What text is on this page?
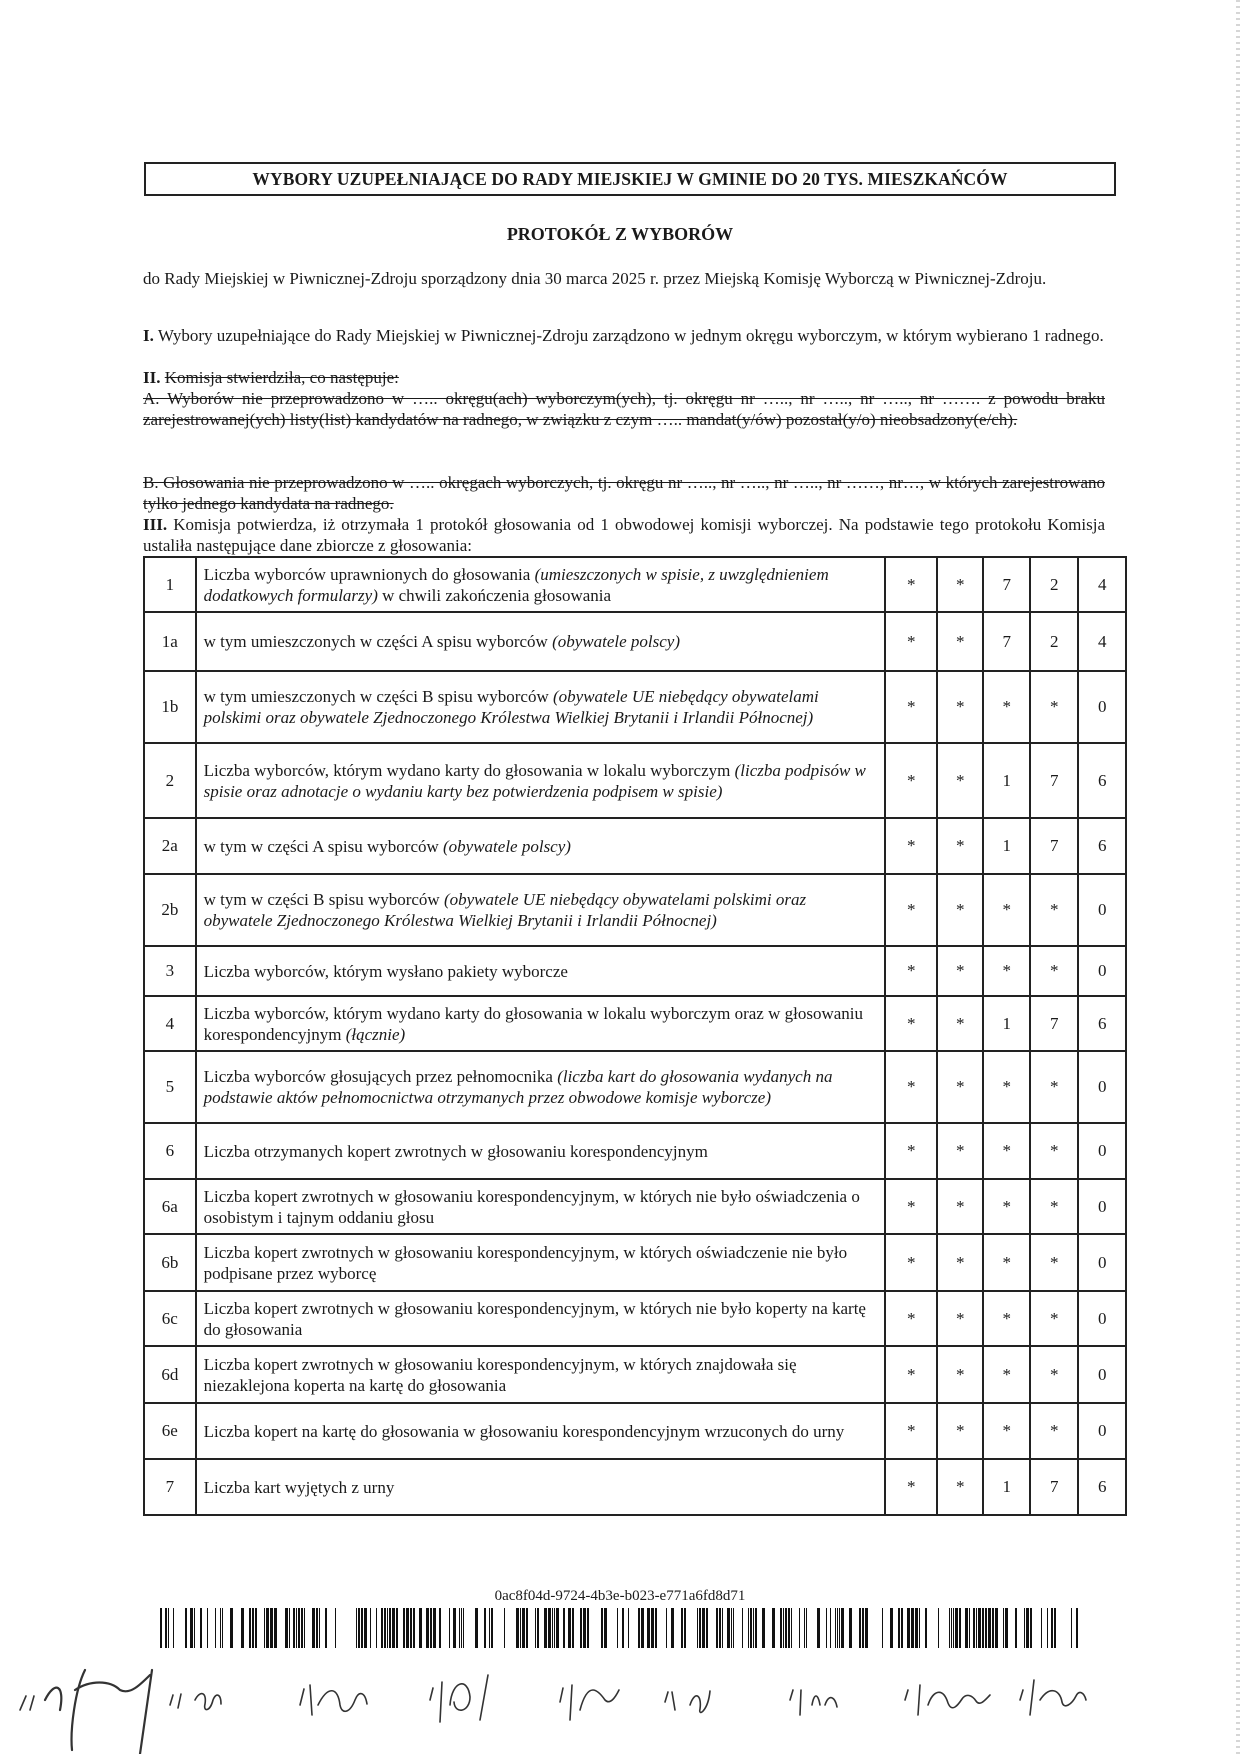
WYBORY UZUPEŁNIAJĄCE DO RADY MIEJSKIEJ W GMINIE DO 20 TYS. MIESZKAŃCÓW
PROTOKÓŁ Z WYBORÓW
do Rady Miejskiej w Piwnicznej-Zdroju sporządzony dnia 30 marca 2025 r. przez Miejską Komisję Wyborczą w Piwnicznej-Zdroju.
I. Wybory uzupełniające do Rady Miejskiej w Piwnicznej-Zdroju zarządzono w jednym okręgu wyborczym, w którym wybierano 1 radnego.
II. Komisja stwierdziła, co następuje:
A. Wyborów nie przeprowadzono w ….. okręgu(ach) wyborczym(ych), tj. okręgu nr ….., nr ….., nr ….., nr ……. z powodu braku zarejestrowanej(ych) listy(list) kandydatów na radnego, w związku z czym ….. mandat(y/ów) pozostał(y/o) nieobsadzony(e/ch).
B. Głosowania nie przeprowadzono w ….. okręgach wyborczych, tj. okręgu nr ….., nr ….., nr ….., nr ……, nr…, w których zarejestrowano tylko jednego kandydata na radnego.
III. Komisja potwierdza, iż otrzymała 1 protokół głosowania od 1 obwodowej komisji wyborczej. Na podstawie tego protokołu Komisja ustaliła następujące dane zbiorcze z głosowania:
1	Liczba wyborców uprawnionych do głosowania (umieszczonych w spisie, z uwzględnieniem dodatkowych formularzy) w chwili zakończenia głosowania	*	*	7	2	4
1a	w tym umieszczonych w części A spisu wyborców (obywatele polscy)	*	*	7	2	4
1b	w tym umieszczonych w części B spisu wyborców (obywatele UE niebędący obywatelami polskimi oraz obywatele Zjednoczonego Królestwa Wielkiej Brytanii i Irlandii Północnej)	*	*	*	*	0
2	Liczba wyborców, którym wydano karty do głosowania w lokalu wyborczym (liczba podpisów w spisie oraz adnotacje o wydaniu karty bez potwierdzenia podpisem w spisie)	*	*	1	7	6
2a	w tym w części A spisu wyborców (obywatele polscy)	*	*	1	7	6
2b	w tym w części B spisu wyborców (obywatele UE niebędący obywatelami polskimi oraz obywatele Zjednoczonego Królestwa Wielkiej Brytanii i Irlandii Północnej)	*	*	*	*	0
3	Liczba wyborców, którym wysłano pakiety wyborcze	*	*	*	*	0
4	Liczba wyborców, którym wydano karty do głosowania w lokalu wyborczym oraz w głosowaniu korespondencyjnym (łącznie)	*	*	1	7	6
5	Liczba wyborców głosujących przez pełnomocnika (liczba kart do głosowania wydanych na podstawie aktów pełnomocnictwa otrzymanych przez obwodowe komisje wyborcze)	*	*	*	*	0
6	Liczba otrzymanych kopert zwrotnych w głosowaniu korespondencyjnym	*	*	*	*	0
6a	Liczba kopert zwrotnych w głosowaniu korespondencyjnym, w których nie było oświadczenia o osobistym i tajnym oddaniu głosu	*	*	*	*	0
6b	Liczba kopert zwrotnych w głosowaniu korespondencyjnym, w których oświadczenie nie było podpisane przez wyborcę	*	*	*	*	0
6c	Liczba kopert zwrotnych w głosowaniu korespondencyjnym, w których nie było koperty na kartę do głosowania	*	*	*	*	0
6d	Liczba kopert zwrotnych w głosowaniu korespondencyjnym, w których znajdowała się niezaklejona koperta na kartę do głosowania	*	*	*	*	0
6e	Liczba kopert na kartę do głosowania w głosowaniu korespondencyjnym wrzuconych do urny	*	*	*	*	0
7	Liczba kart wyjętych z urny	*	*	1	7	6
0ac8f04d-9724-4b3e-b023-e771a6fd8d71
